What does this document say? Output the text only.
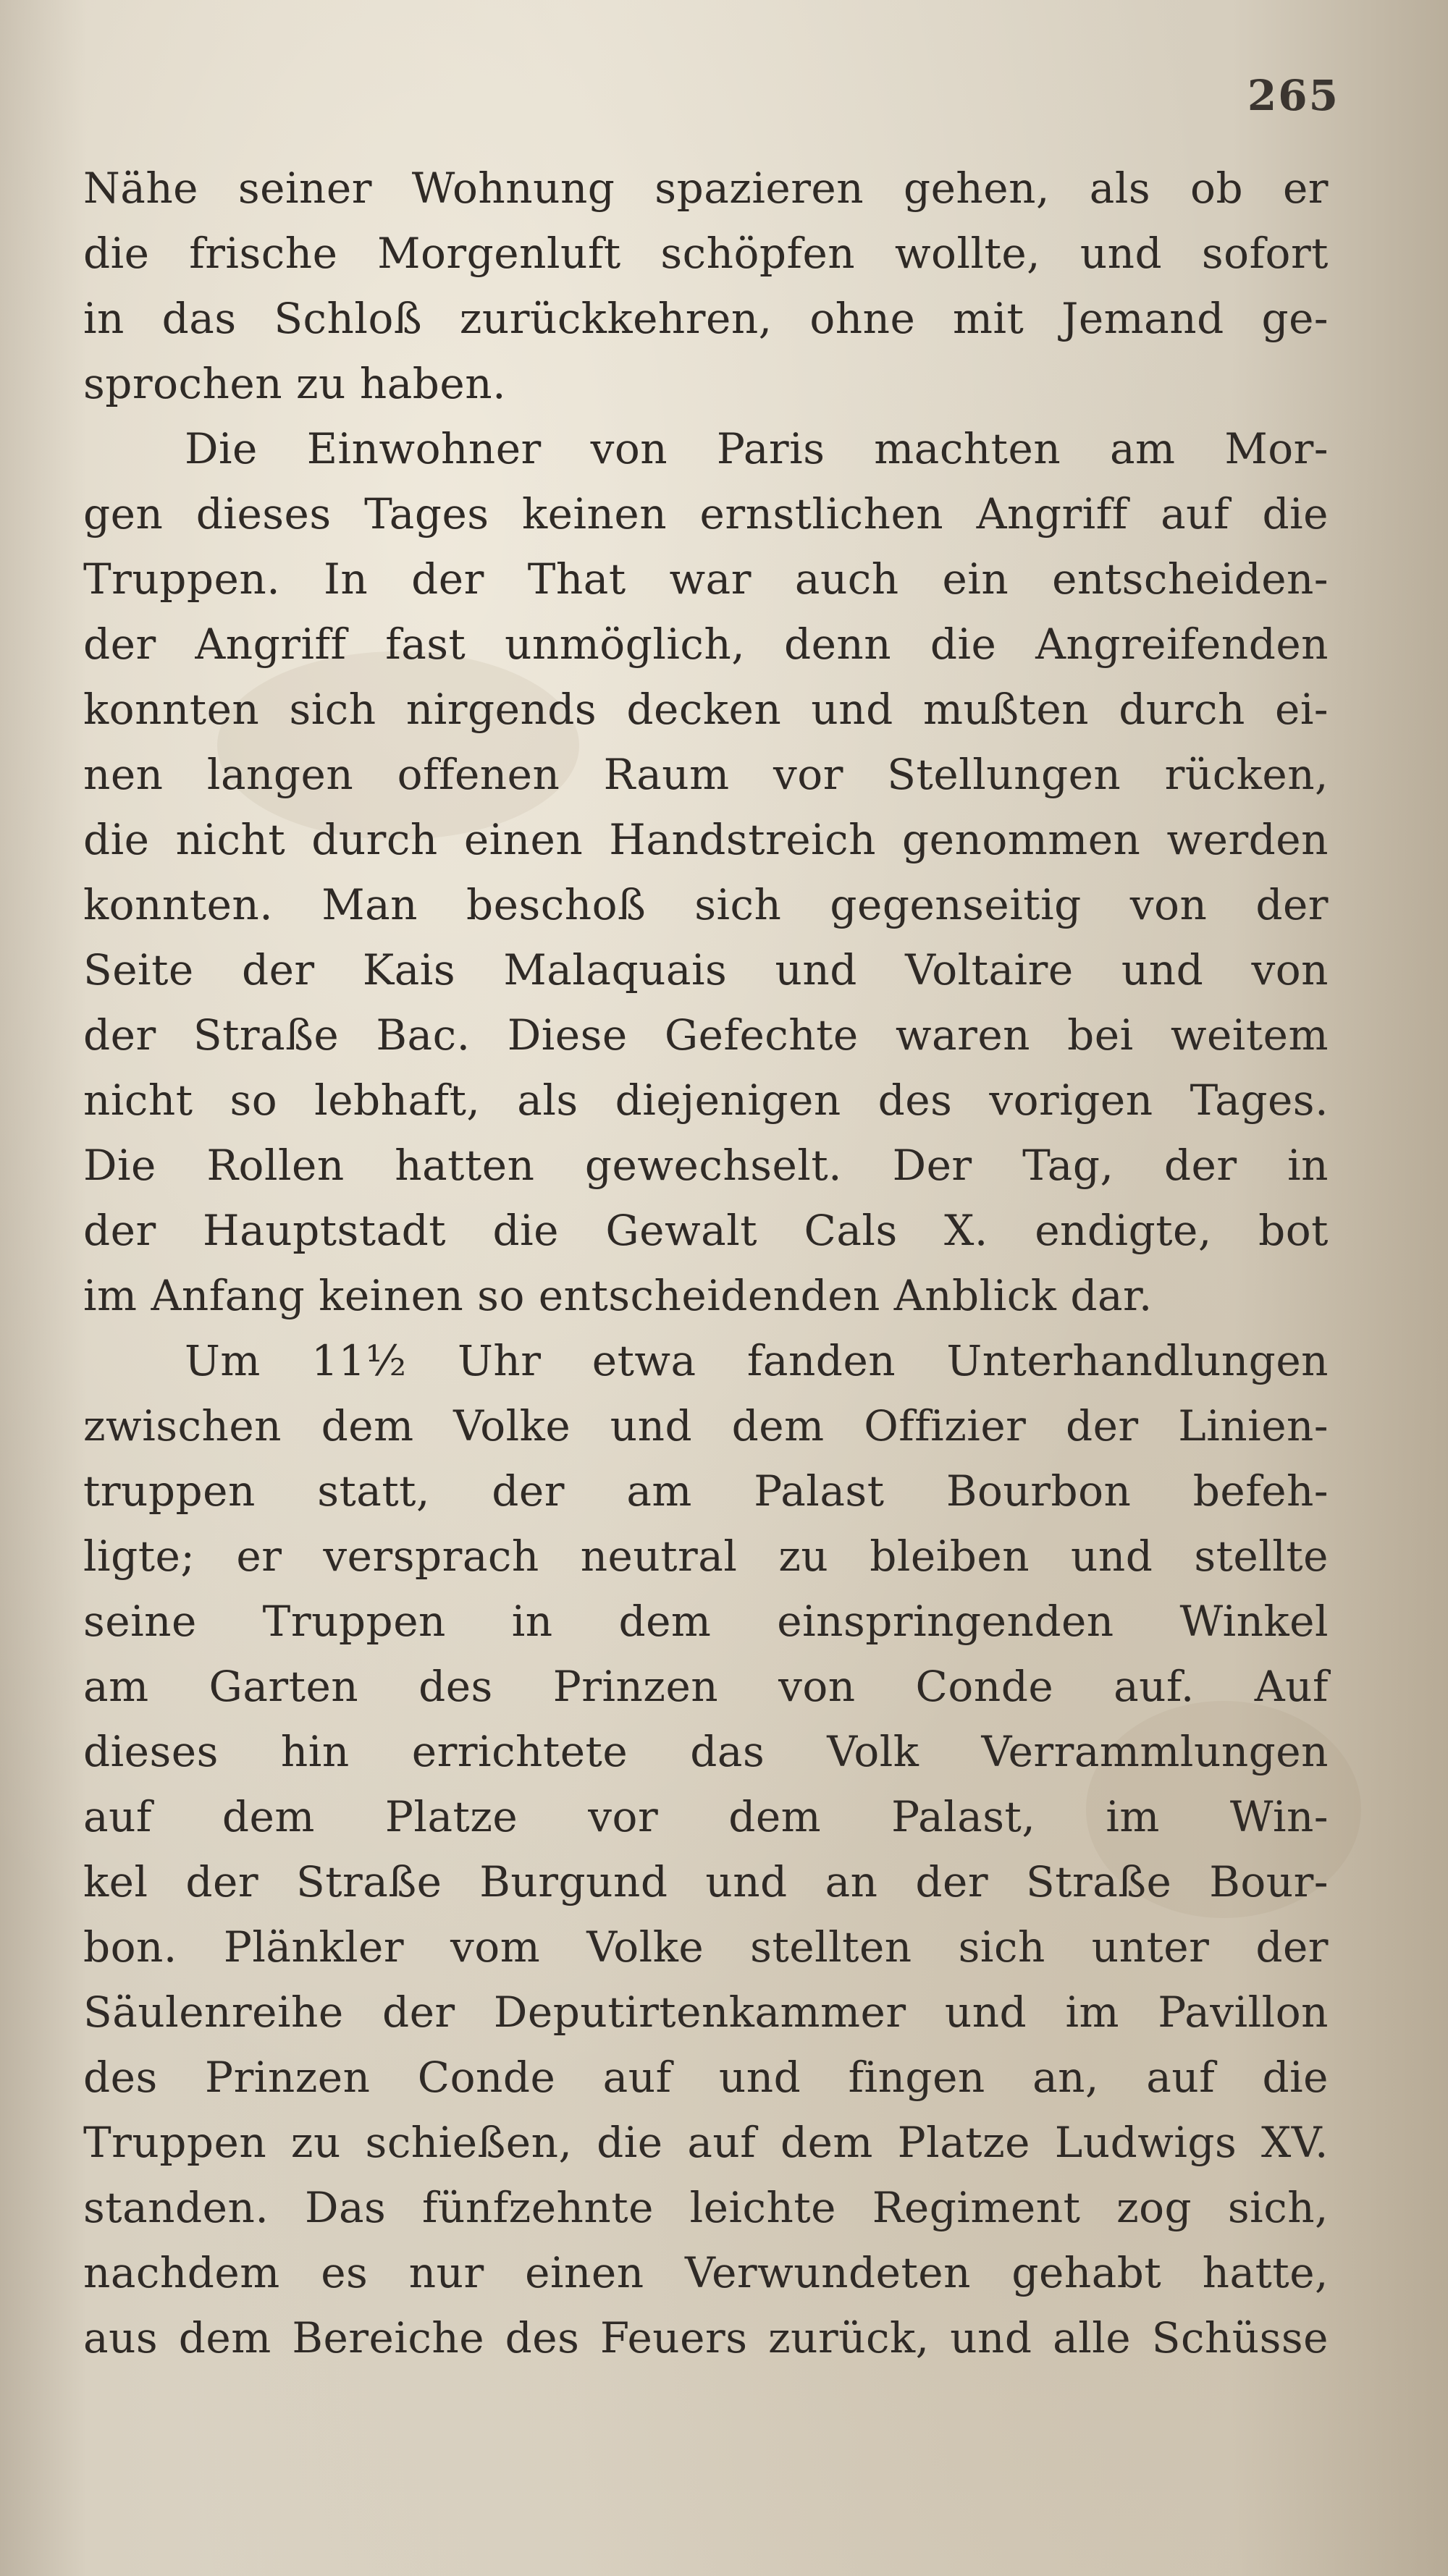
265
Nähe seiner Wohnung spazieren gehen, als ob er
die frische Morgenluft schöpfen wollte, und sofort
in das Schloß zurückkehren, ohne mit Jemand ge-
sprochen zu haben.
Die Einwohner von Paris machten am Mor-
gen dieses Tages keinen ernstlichen Angriff auf die
Truppen. In der That war auch ein entscheiden-
der Angriff fast unmöglich, denn die Angreifenden
konnten sich nirgends decken und mußten durch ei-
nen langen offenen Raum vor Stellungen rücken,
die nicht durch einen Handstreich genommen werden
konnten. Man beschoß sich gegenseitig von der
Seite der Kais Malaquais und Voltaire und von
der Straße Bac. Diese Gefechte waren bei weitem
nicht so lebhaft, als diejenigen des vorigen Tages.
Die Rollen hatten gewechselt. Der Tag, der in
der Hauptstadt die Gewalt Cals X. endigte, bot
im Anfang keinen so entscheidenden Anblick dar.
Um 11½ Uhr etwa fanden Unterhandlungen
zwischen dem Volke und dem Offizier der Linien-
truppen statt, der am Palast Bourbon befeh-
ligte; er versprach neutral zu bleiben und stellte
seine Truppen in dem einspringenden Winkel
am Garten des Prinzen von Conde auf. Auf
dieses hin errichtete das Volk Verrammlungen
auf dem Platze vor dem Palast, im Win-
kel der Straße Burgund und an der Straße Bour-
bon. Plänkler vom Volke stellten sich unter der
Säulenreihe der Deputirtenkammer und im Pavillon
des Prinzen Conde auf und fingen an, auf die
Truppen zu schießen, die auf dem Platze Ludwigs XV.
standen. Das fünfzehnte leichte Regiment zog sich,
nachdem es nur einen Verwundeten gehabt hatte,
aus dem Bereiche des Feuers zurück, und alle Schüsse
